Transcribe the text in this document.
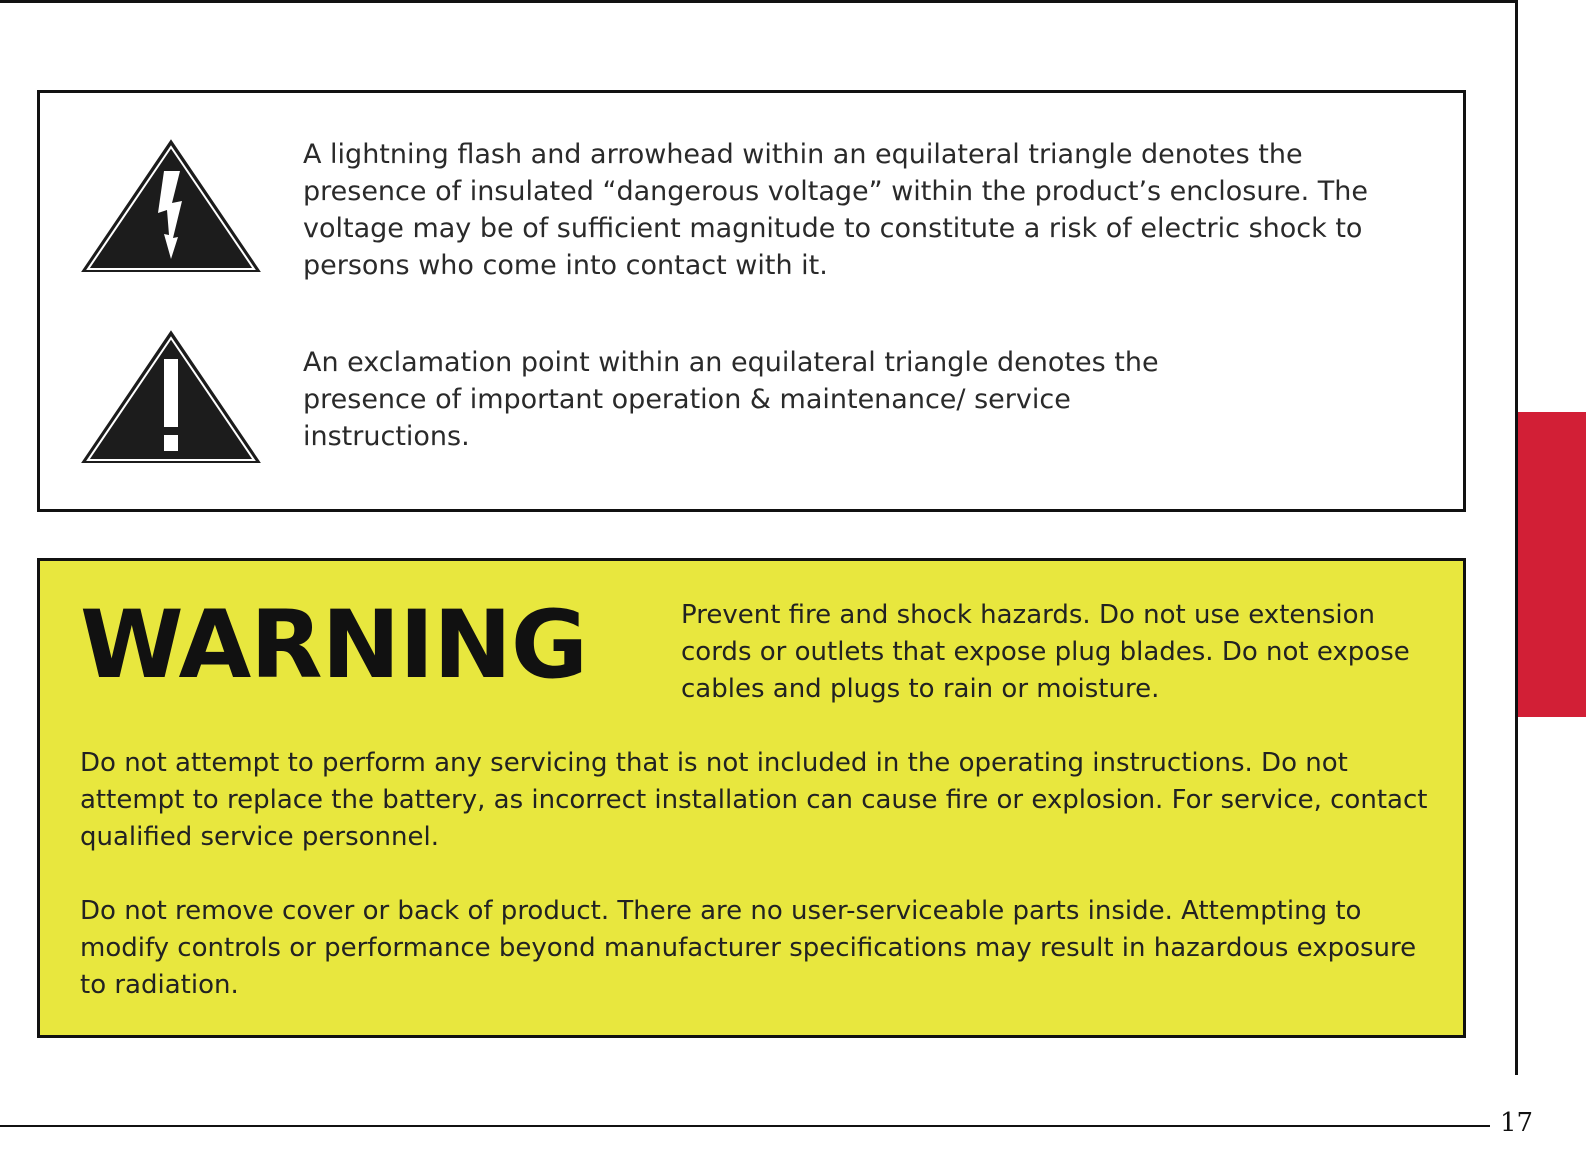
A lightning flash and arrowhead within an equilateral triangle denotes the presence of insulated “dangerous voltage” within the product’s enclosure. The voltage may be of sufficient magnitude to constitute a risk of electric shock to persons who come into contact with it.

An exclamation point within an equilateral triangle denotes the presence of important operation & maintenance/ service instructions.

WARNING	Prevent fire and shock hazards. Do not use extension cords or outlets that expose plug blades. Do not expose cables and plugs to rain or moisture.

Do not attempt to perform any servicing that is not included in the operating instructions. Do not attempt to replace the battery, as incorrect installation can cause fire or explosion. For service, contact qualified service personnel.

Do not remove cover or back of product. There are no user-serviceable parts inside. Attempting to modify controls or performance beyond manufacturer specifications may result in hazardous exposure to radiation.

17
